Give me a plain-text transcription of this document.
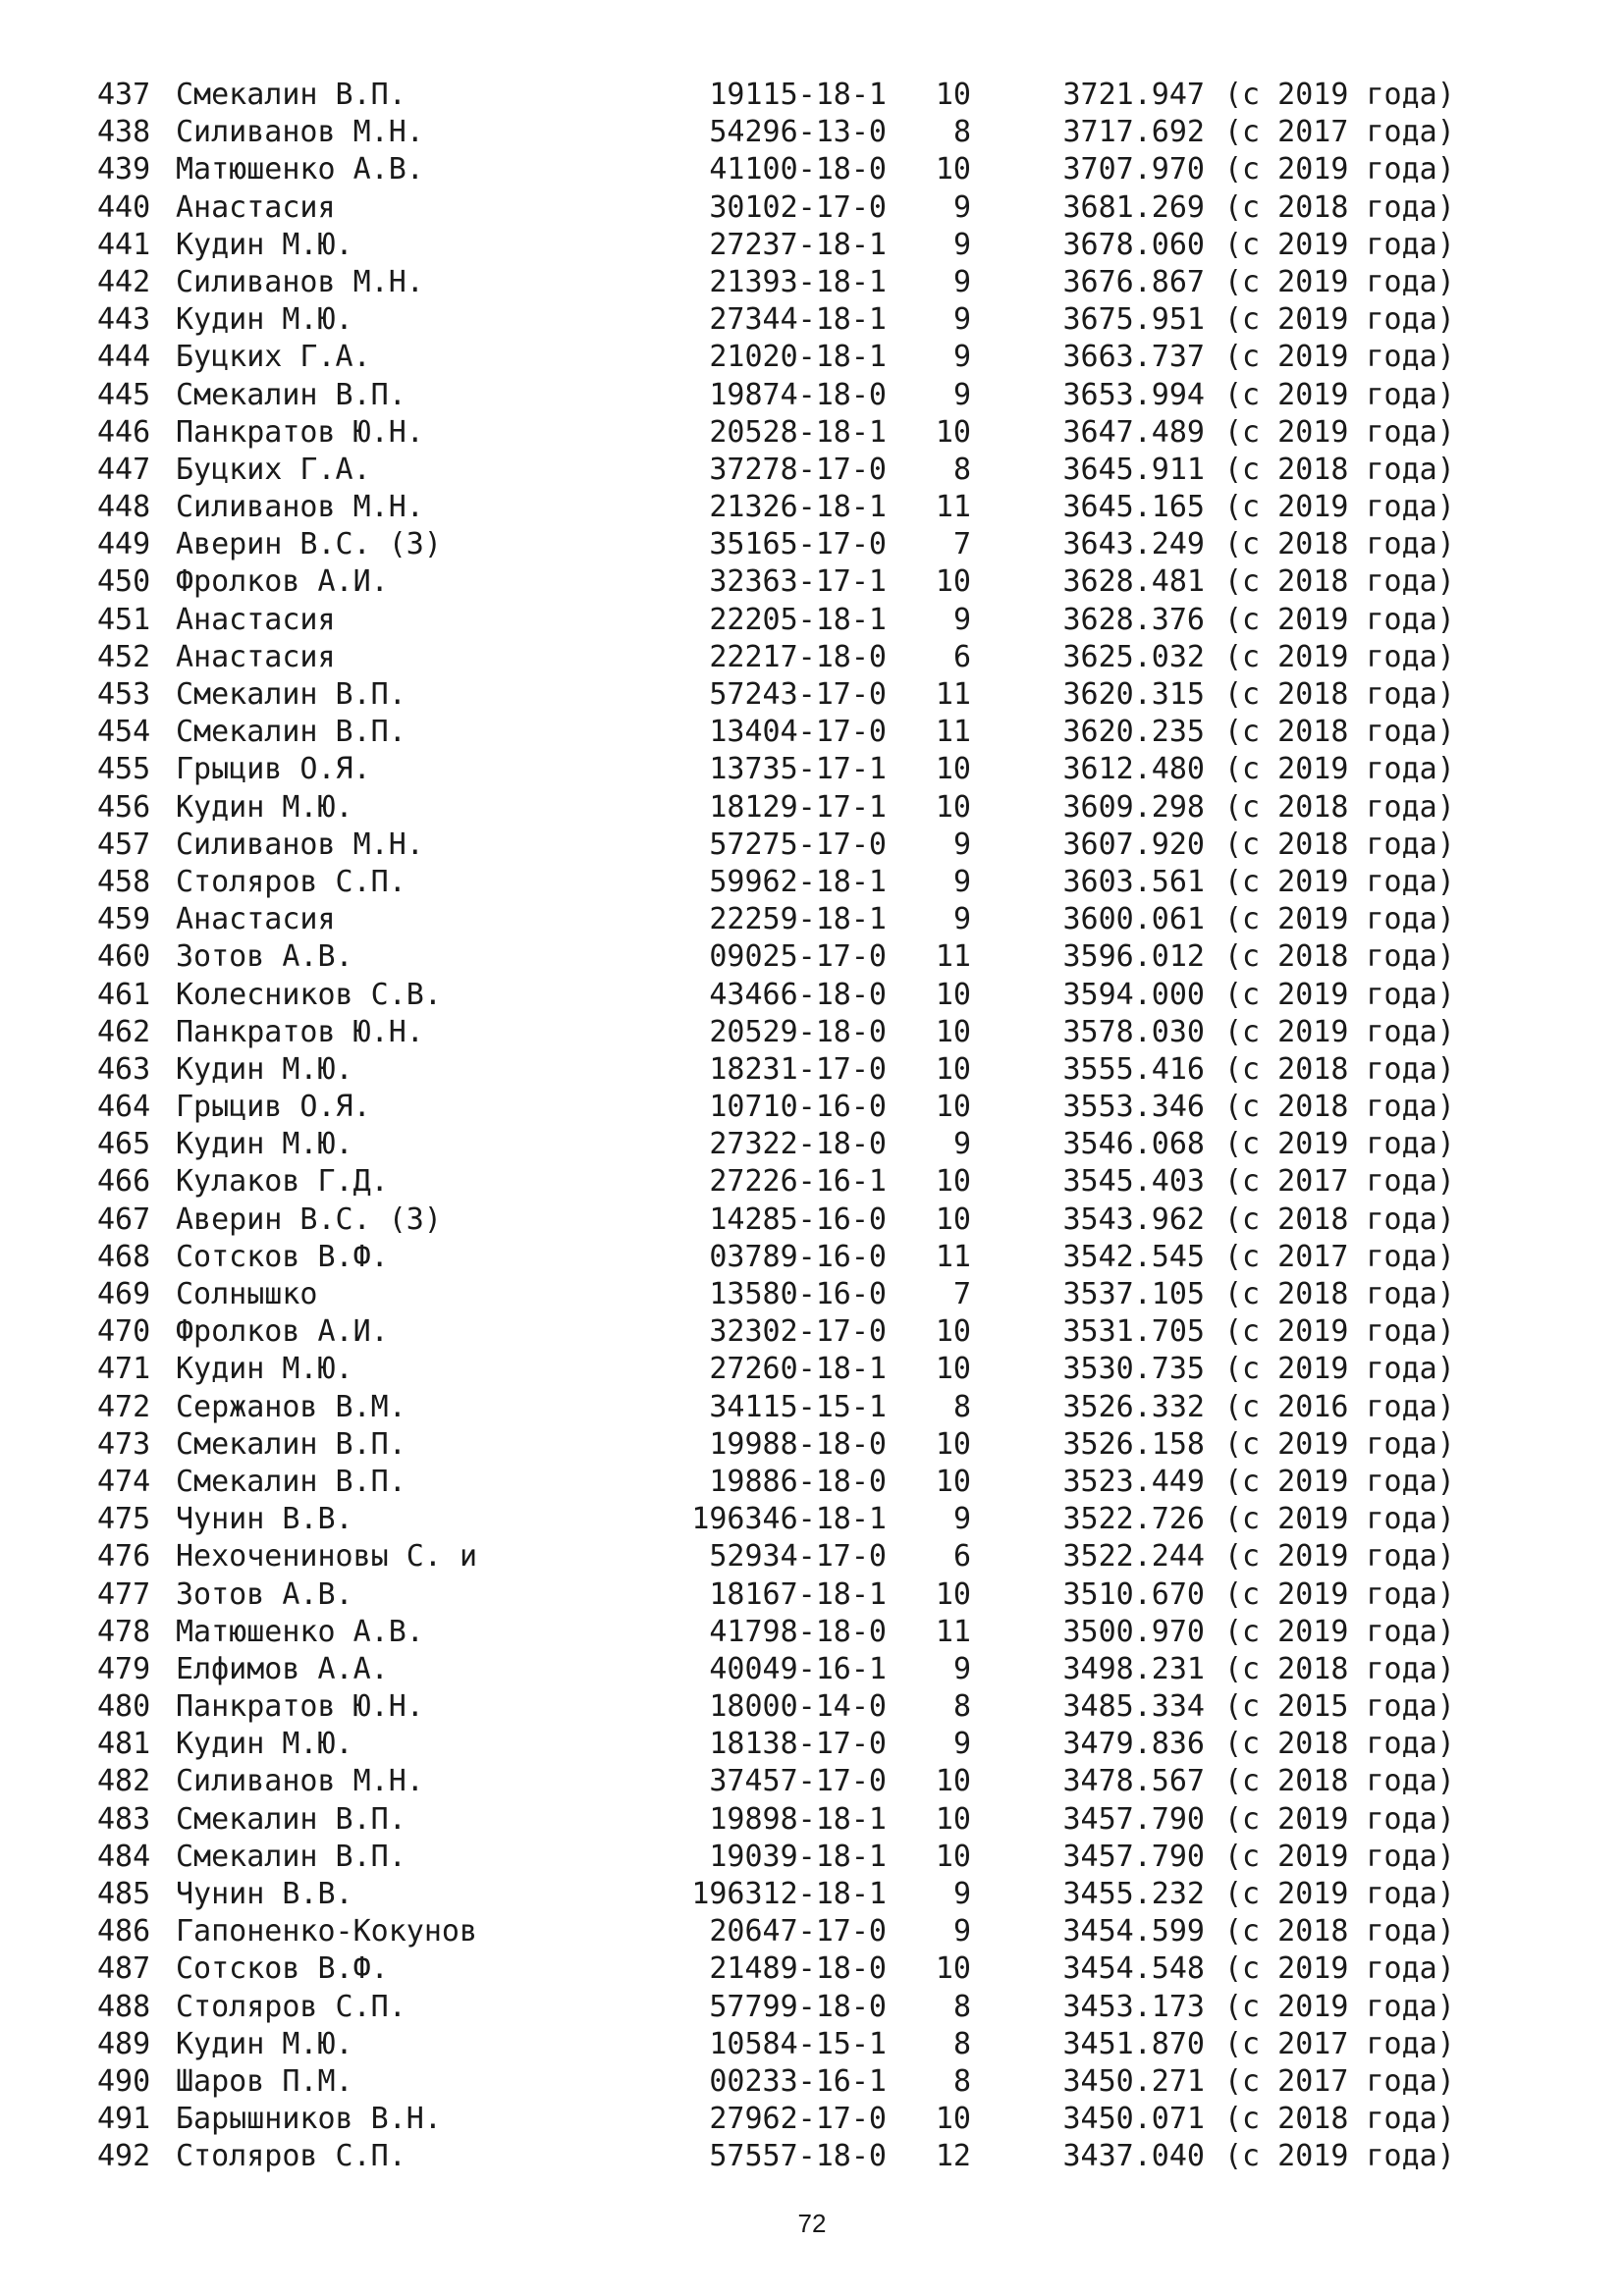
437 Смекалин В.П.	19115-18-1	10	3721.947 (с 2019 года)
438 Силиванов М.Н.	54296-13-0	8	3717.692 (с 2017 года)
439 Матюшенко А.В.	41100-18-0	10	3707.970 (с 2019 года)
440 Анастасия	30102-17-0	9	3681.269 (с 2018 года)
441 Кудин М.Ю.	27237-18-1	9	3678.060 (с 2019 года)
442 Силиванов М.Н.	21393-18-1	9	3676.867 (с 2019 года)
443 Кудин М.Ю.	27344-18-1	9	3675.951 (с 2019 года)
444 Буцких Г.А.	21020-18-1	9	3663.737 (с 2019 года)
445 Смекалин В.П.	19874-18-0	9	3653.994 (с 2019 года)
446 Панкратов Ю.Н.	20528-18-1	10	3647.489 (с 2019 года)
447 Буцких Г.А.	37278-17-0	8	3645.911 (с 2018 года)
448 Силиванов М.Н.	21326-18-1	11	3645.165 (с 2019 года)
449 Аверин В.С. (З)	35165-17-0	7	3643.249 (с 2018 года)
450 Фролков А.И.	32363-17-1	10	3628.481 (с 2018 года)
451 Анастасия	22205-18-1	9	3628.376 (с 2019 года)
452 Анастасия	22217-18-0	6	3625.032 (с 2019 года)
453 Смекалин В.П.	57243-17-0	11	3620.315 (с 2018 года)
454 Смекалин В.П.	13404-17-0	11	3620.235 (с 2018 года)
455 Грыцив О.Я.	13735-17-1	10	3612.480 (с 2019 года)
456 Кудин М.Ю.	18129-17-1	10	3609.298 (с 2018 года)
457 Силиванов М.Н.	57275-17-0	9	3607.920 (с 2018 года)
458 Столяров С.П.	59962-18-1	9	3603.561 (с 2019 года)
459 Анастасия	22259-18-1	9	3600.061 (с 2019 года)
460 Зотов А.В.	09025-17-0	11	3596.012 (с 2018 года)
461 Колесников С.В.	43466-18-0	10	3594.000 (с 2019 года)
462 Панкратов Ю.Н.	20529-18-0	10	3578.030 (с 2019 года)
463 Кудин М.Ю.	18231-17-0	10	3555.416 (с 2018 года)
464 Грыцив О.Я.	10710-16-0	10	3553.346 (с 2018 года)
465 Кудин М.Ю.	27322-18-0	9	3546.068 (с 2019 года)
466 Кулаков Г.Д.	27226-16-1	10	3545.403 (с 2017 года)
467 Аверин В.С. (З)	14285-16-0	10	3543.962 (с 2018 года)
468 Сотсков В.Ф.	03789-16-0	11	3542.545 (с 2017 года)
469 Солнышко	13580-16-0	7	3537.105 (с 2018 года)
470 Фролков А.И.	32302-17-0	10	3531.705 (с 2019 года)
471 Кудин М.Ю.	27260-18-1	10	3530.735 (с 2019 года)
472 Сержанов В.М.	34115-15-1	8	3526.332 (с 2016 года)
473 Смекалин В.П.	19988-18-0	10	3526.158 (с 2019 года)
474 Смекалин В.П.	19886-18-0	10	3523.449 (с 2019 года)
475 Чунин В.В.	196346-18-1	9	3522.726 (с 2019 года)
476 Нехоченинoвы С. и	52934-17-0	6	3522.244 (с 2019 года)
477 Зотов А.В.	18167-18-1	10	3510.670 (с 2019 года)
478 Матюшенко А.В.	41798-18-0	11	3500.970 (с 2019 года)
479 Елфимов А.А.	40049-16-1	9	3498.231 (с 2018 года)
480 Панкратов Ю.Н.	18000-14-0	8	3485.334 (с 2015 года)
481 Кудин М.Ю.	18138-17-0	9	3479.836 (с 2018 года)
482 Силиванов М.Н.	37457-17-0	10	3478.567 (с 2018 года)
483 Смекалин В.П.	19898-18-1	10	3457.790 (с 2019 года)
484 Смекалин В.П.	19039-18-1	10	3457.790 (с 2019 года)
485 Чунин В.В.	196312-18-1	9	3455.232 (с 2019 года)
486 Гапоненко-Кокунов	20647-17-0	9	3454.599 (с 2018 года)
487 Сотсков В.Ф.	21489-18-0	10	3454.548 (с 2019 года)
488 Столяров С.П.	57799-18-0	8	3453.173 (с 2019 года)
489 Кудин М.Ю.	10584-15-1	8	3451.870 (с 2017 года)
490 Шаров П.М.	00233-16-1	8	3450.271 (с 2017 года)
491 Барышников В.Н.	27962-17-0	10	3450.071 (с 2018 года)
492 Столяров С.П.	57557-18-0	12	3437.040 (с 2019 года)
72
